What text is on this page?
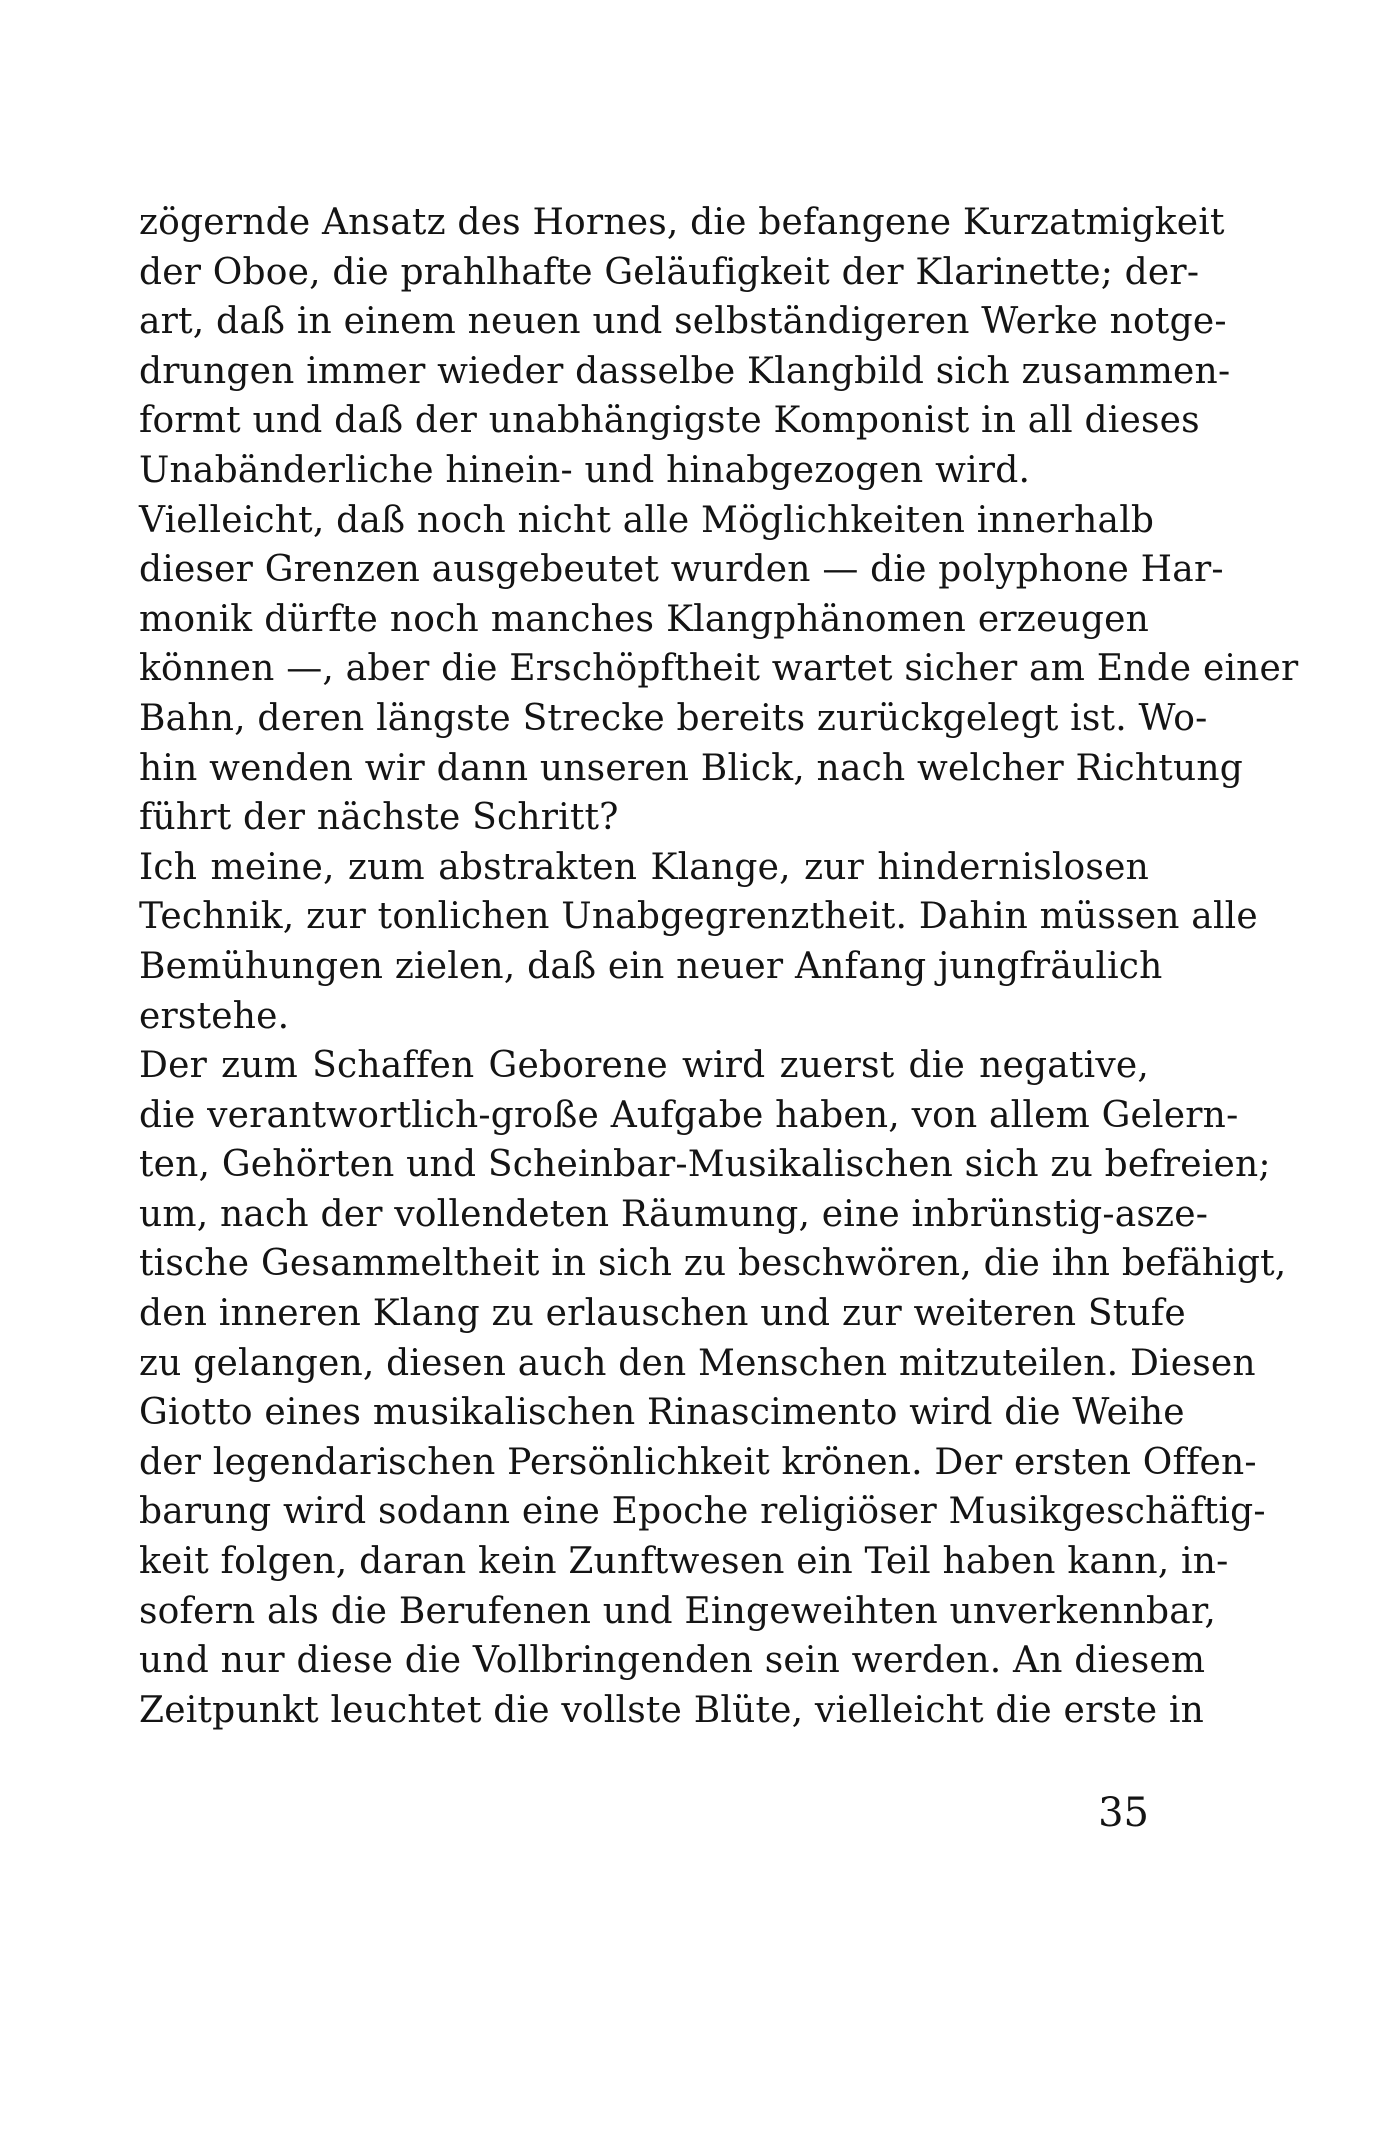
zögernde Ansatz des Hornes, die befangene Kurzatmigkeit
der Oboe, die prahlhafte Geläufigkeit der Klarinette; der-
art, daß in einem neuen und selbständigeren Werke notge-
drungen immer wieder dasselbe Klangbild sich zusammen-
formt und daß der unabhängigste Komponist in all dieses
Unabänderliche hinein- und hinabgezogen wird.
Vielleicht, daß noch nicht alle Möglichkeiten innerhalb
dieser Grenzen ausgebeutet wurden — die polyphone Har-
monik dürfte noch manches Klangphänomen erzeugen
können —, aber die Erschöpftheit wartet sicher am Ende einer
Bahn, deren längste Strecke bereits zurückgelegt ist. Wo-
hin wenden wir dann unseren Blick, nach welcher Richtung
führt der nächste Schritt?
Ich meine, zum abstrakten Klange, zur hindernislosen
Technik, zur tonlichen Unabgegrenztheit. Dahin müssen alle
Bemühungen zielen, daß ein neuer Anfang jungfräulich
erstehe.
Der zum Schaffen Geborene wird zuerst die negative,
die verantwortlich-große Aufgabe haben, von allem Gelern-
ten, Gehörten und Scheinbar-Musikalischen sich zu befreien;
um, nach der vollendeten Räumung, eine inbrünstig-asze-
tische Gesammeltheit in sich zu beschwören, die ihn befähigt,
den inneren Klang zu erlauschen und zur weiteren Stufe
zu gelangen, diesen auch den Menschen mitzuteilen. Diesen
Giotto eines musikalischen Rinascimento wird die Weihe
der legendarischen Persönlichkeit krönen. Der ersten Offen-
barung wird sodann eine Epoche religiöser Musikgeschäftig-
keit folgen, daran kein Zunftwesen ein Teil haben kann, in-
sofern als die Berufenen und Eingeweihten unverkennbar,
und nur diese die Vollbringenden sein werden. An diesem
Zeitpunkt leuchtet die vollste Blüte, vielleicht die erste in
35
